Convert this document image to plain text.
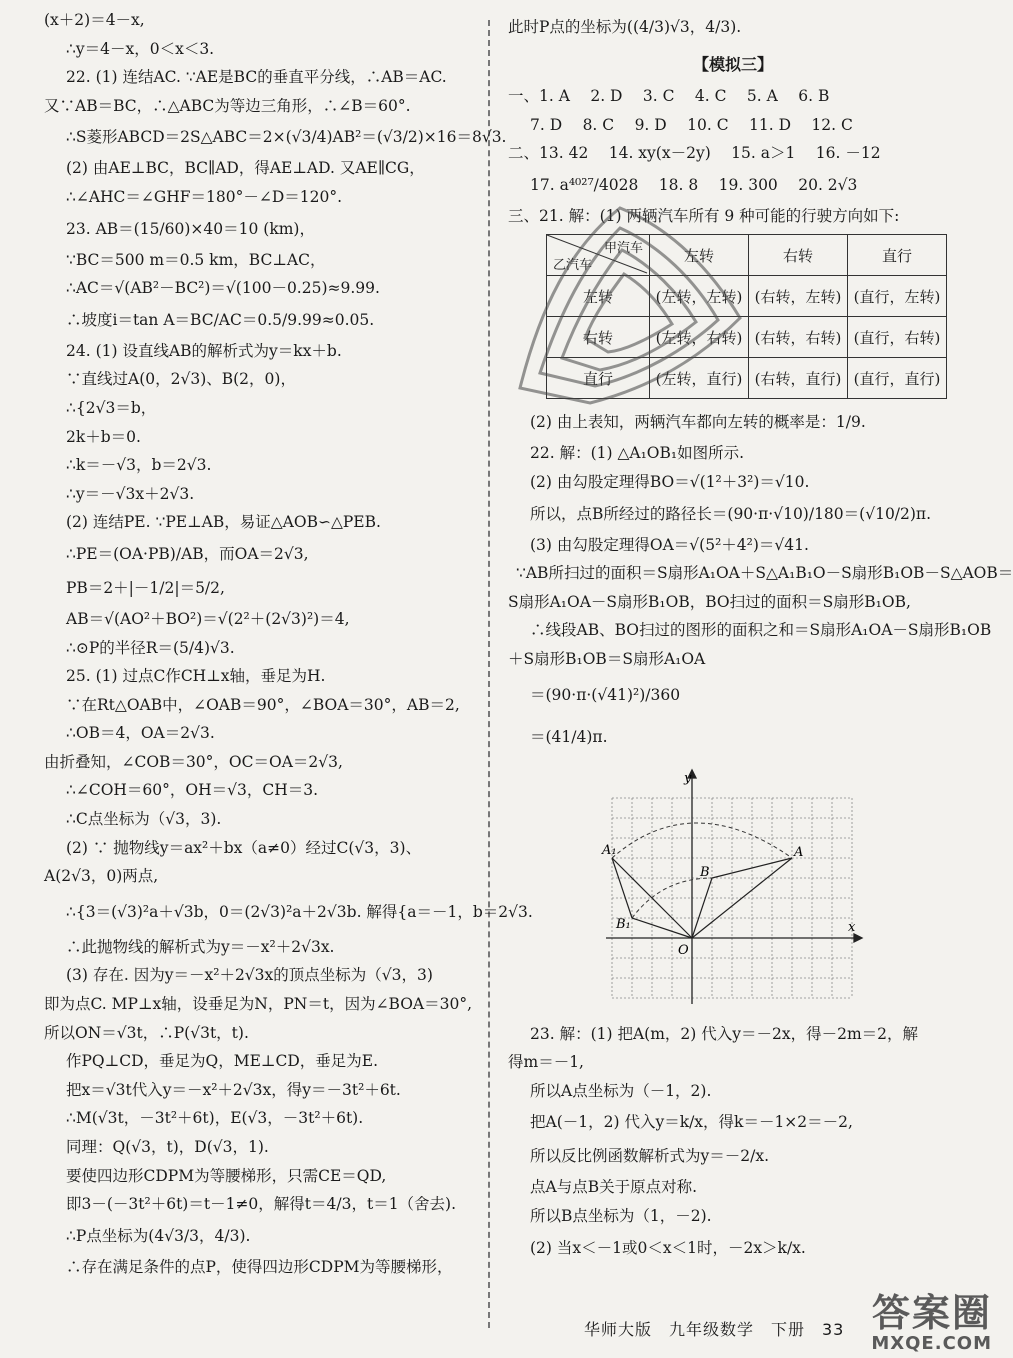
(x＋2)＝4－x,
∴y＝4－x，0＜x＜3.
22. (1) 连结AC. ∵AE是BC的垂直平分线，∴AB＝AC.
又∵AB＝BC，∴△ABC为等边三角形，∴∠B＝60°.
∴S菱形ABCD＝2S△ABC＝2×(√3/4)AB²＝(√3/2)×16＝8√3.
(2) 由AE⊥BC，BC∥AD，得AE⊥AD. 又AE∥CG，
∴∠AHC＝∠GHF＝180°－∠D＝120°.
23. AB＝(15/60)×40＝10 (km)，
∵BC＝500 m＝0.5 km，BC⊥AC，
∴AC＝√(AB²－BC²)＝√(100－0.25)≈9.99.
∴坡度i＝tan A＝BC/AC＝0.5/9.99≈0.05.
24. (1) 设直线AB的解析式为y＝kx＋b.
∵直线过A(0，2√3)、B(2，0)，
∴{2√3＝b，
2k＋b＝0.
∴k＝－√3，b＝2√3.
∴y＝－√3x＋2√3.
(2) 连结PE. ∵PE⊥AB，易证△AOB∽△PEB.
∴PE＝(OA·PB)/AB，而OA＝2√3,
PB＝2＋|－1/2|＝5/2,
AB＝√(AO²＋BO²)＝√(2²＋(2√3)²)＝4,
∴⊙P的半径R＝(5/4)√3.
25. (1) 过点C作CH⊥x轴，垂足为H.
∵在Rt△OAB中，∠OAB＝90°，∠BOA＝30°，AB＝2,
∴OB＝4，OA＝2√3.
由折叠知，∠COB＝30°，OC＝OA＝2√3,
∴∠COH＝60°，OH＝√3，CH＝3.
∴C点坐标为（√3，3).
(2) ∵ 抛物线y＝ax²＋bx（a≠0）经过C(√3，3)、
A(2√3，0)两点,
∴{3＝(√3)²a＋√3b，0＝(2√3)²a＋2√3b. 解得{a＝－1，b＝2√3.
∴此抛物线的解析式为y＝－x²＋2√3x.
(3) 存在. 因为y＝－x²＋2√3x的顶点坐标为（√3，3)
即为点C. MP⊥x轴，设垂足为N，PN＝t，因为∠BOA＝30°,
所以ON＝√3t，∴P(√3t，t).
作PQ⊥CD，垂足为Q，ME⊥CD，垂足为E.
把x＝√3t代入y＝－x²＋2√3x，得y＝－3t²＋6t.
∴M(√3t，－3t²＋6t)，E(√3，－3t²＋6t).
同理：Q(√3，t)，D(√3，1).
要使四边形CDPM为等腰梯形，只需CE＝QD,
即3－(－3t²＋6t)＝t－1≠0，解得t＝4/3，t＝1（舍去).
∴P点坐标为(4√3/3，4/3).
∴存在满足条件的点P，使得四边形CDPM为等腰梯形，
此时P点的坐标为((4/3)√3，4/3).
【模拟三】
一、1. A　 2. D　 3. C　 4. C　 5. A　 6. B
7. D　 8. C　 9. D　 10. C　 11. D　 12. C
二、13. 42　 14. xy(x－2y)　 15. a＞1　 16. －12
17. a⁴⁰²⁷/4028　 18. 8　 19. 300　 20. 2√3
三、21. 解：(1) 两辆汽车所有 9 种可能的行驶方向如下:
甲汽车
乙汽车	左转	右转	直行
左转	(左转，左转)	(右转，左转)	(直行，左转)
右转	(左转，右转)	(右转，右转)	(直行，右转)
直行	(左转，直行)	(右转，直行)	(直行，直行)
(2) 由上表知，两辆汽车都向左转的概率是：1/9.
22. 解：(1) △A₁OB₁如图所示.
(2) 由勾股定理得BO＝√(1²＋3²)＝√10.
所以，点B所经过的路径长＝(90·π·√10)/180＝(√10/2)π.
(3) 由勾股定理得OA＝√(5²＋4²)＝√41.
∵AB所扫过的面积＝S扇形A₁OA＋S△A₁B₁O－S扇形B₁OB－S△AOB＝
S扇形A₁OA－S扇形B₁OB，BO扫过的面积＝S扇形B₁OB,
∴线段AB、BO扫过的图形的面积之和＝S扇形A₁OA－S扇形B₁OB
＋S扇形B₁OB＝S扇形A₁OA
＝(90·π·(√41)²)/360
＝(41/4)π.
y
x
O
A
B
A₁
B₁
23. 解：(1) 把A(m，2) 代入y＝－2x，得－2m＝2，解
得m＝－1,
所以A点坐标为（－1，2).
把A(－1，2) 代入y＝k/x，得k＝－1×2＝－2,
所以反比例函数解析式为y＝－2/x.
点A与点B关于原点对称.
所以B点坐标为（1，－2).
(2) 当x＜－1或0＜x＜1时，－2x＞k/x.
华师大版　九年级数学　下册　33 答案圈
MXQE.COM
